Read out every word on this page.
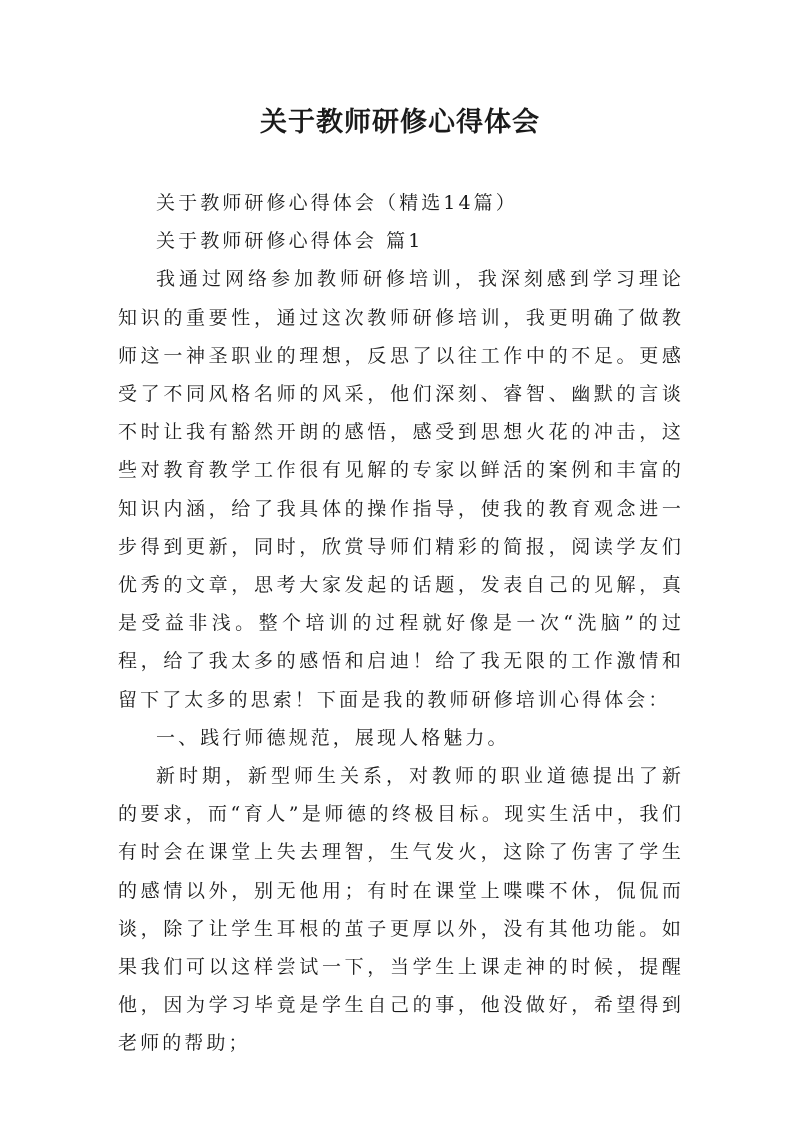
关于教师研修心得体会

关于教师研修心得体会（精选14篇）

关于教师研修心得体会 篇1

我通过网络参加教师研修培训，我深刻感到学习理论知识的重要性，通过这次教师研修培训，我更明确了做教师这一神圣职业的理想，反思了以往工作中的不足。更感受了不同风格名师的风采，他们深刻、睿智、幽默的言谈不时让我有豁然开朗的感悟，感受到思想火花的冲击，这些对教育教学工作很有见解的专家以鲜活的案例和丰富的知识内涵，给了我具体的操作指导，使我的教育观念进一步得到更新，同时，欣赏导师们精彩的简报，阅读学友们优秀的文章，思考大家发起的话题，发表自己的见解，真是受益非浅。整个培训的过程就好像是一次“洗脑”的过程，给了我太多的感悟和启迪！给了我无限的工作激情和留下了太多的思索！下面是我的教师研修培训心得体会：

一、践行师德规范，展现人格魅力。

新时期，新型师生关系，对教师的职业道德提出了新的要求，而“育人”是师德的终极目标。现实生活中，我们有时会在课堂上失去理智，生气发火，这除了伤害了学生的感情以外，别无他用；有时在课堂上喋喋不休，侃侃而谈，除了让学生耳根的茧子更厚以外，没有其他功能。如果我们可以这样尝试一下，当学生上课走神的时候，提醒他，因为学习毕竟是学生自己的事，他没做好，希望得到老师的帮助；
